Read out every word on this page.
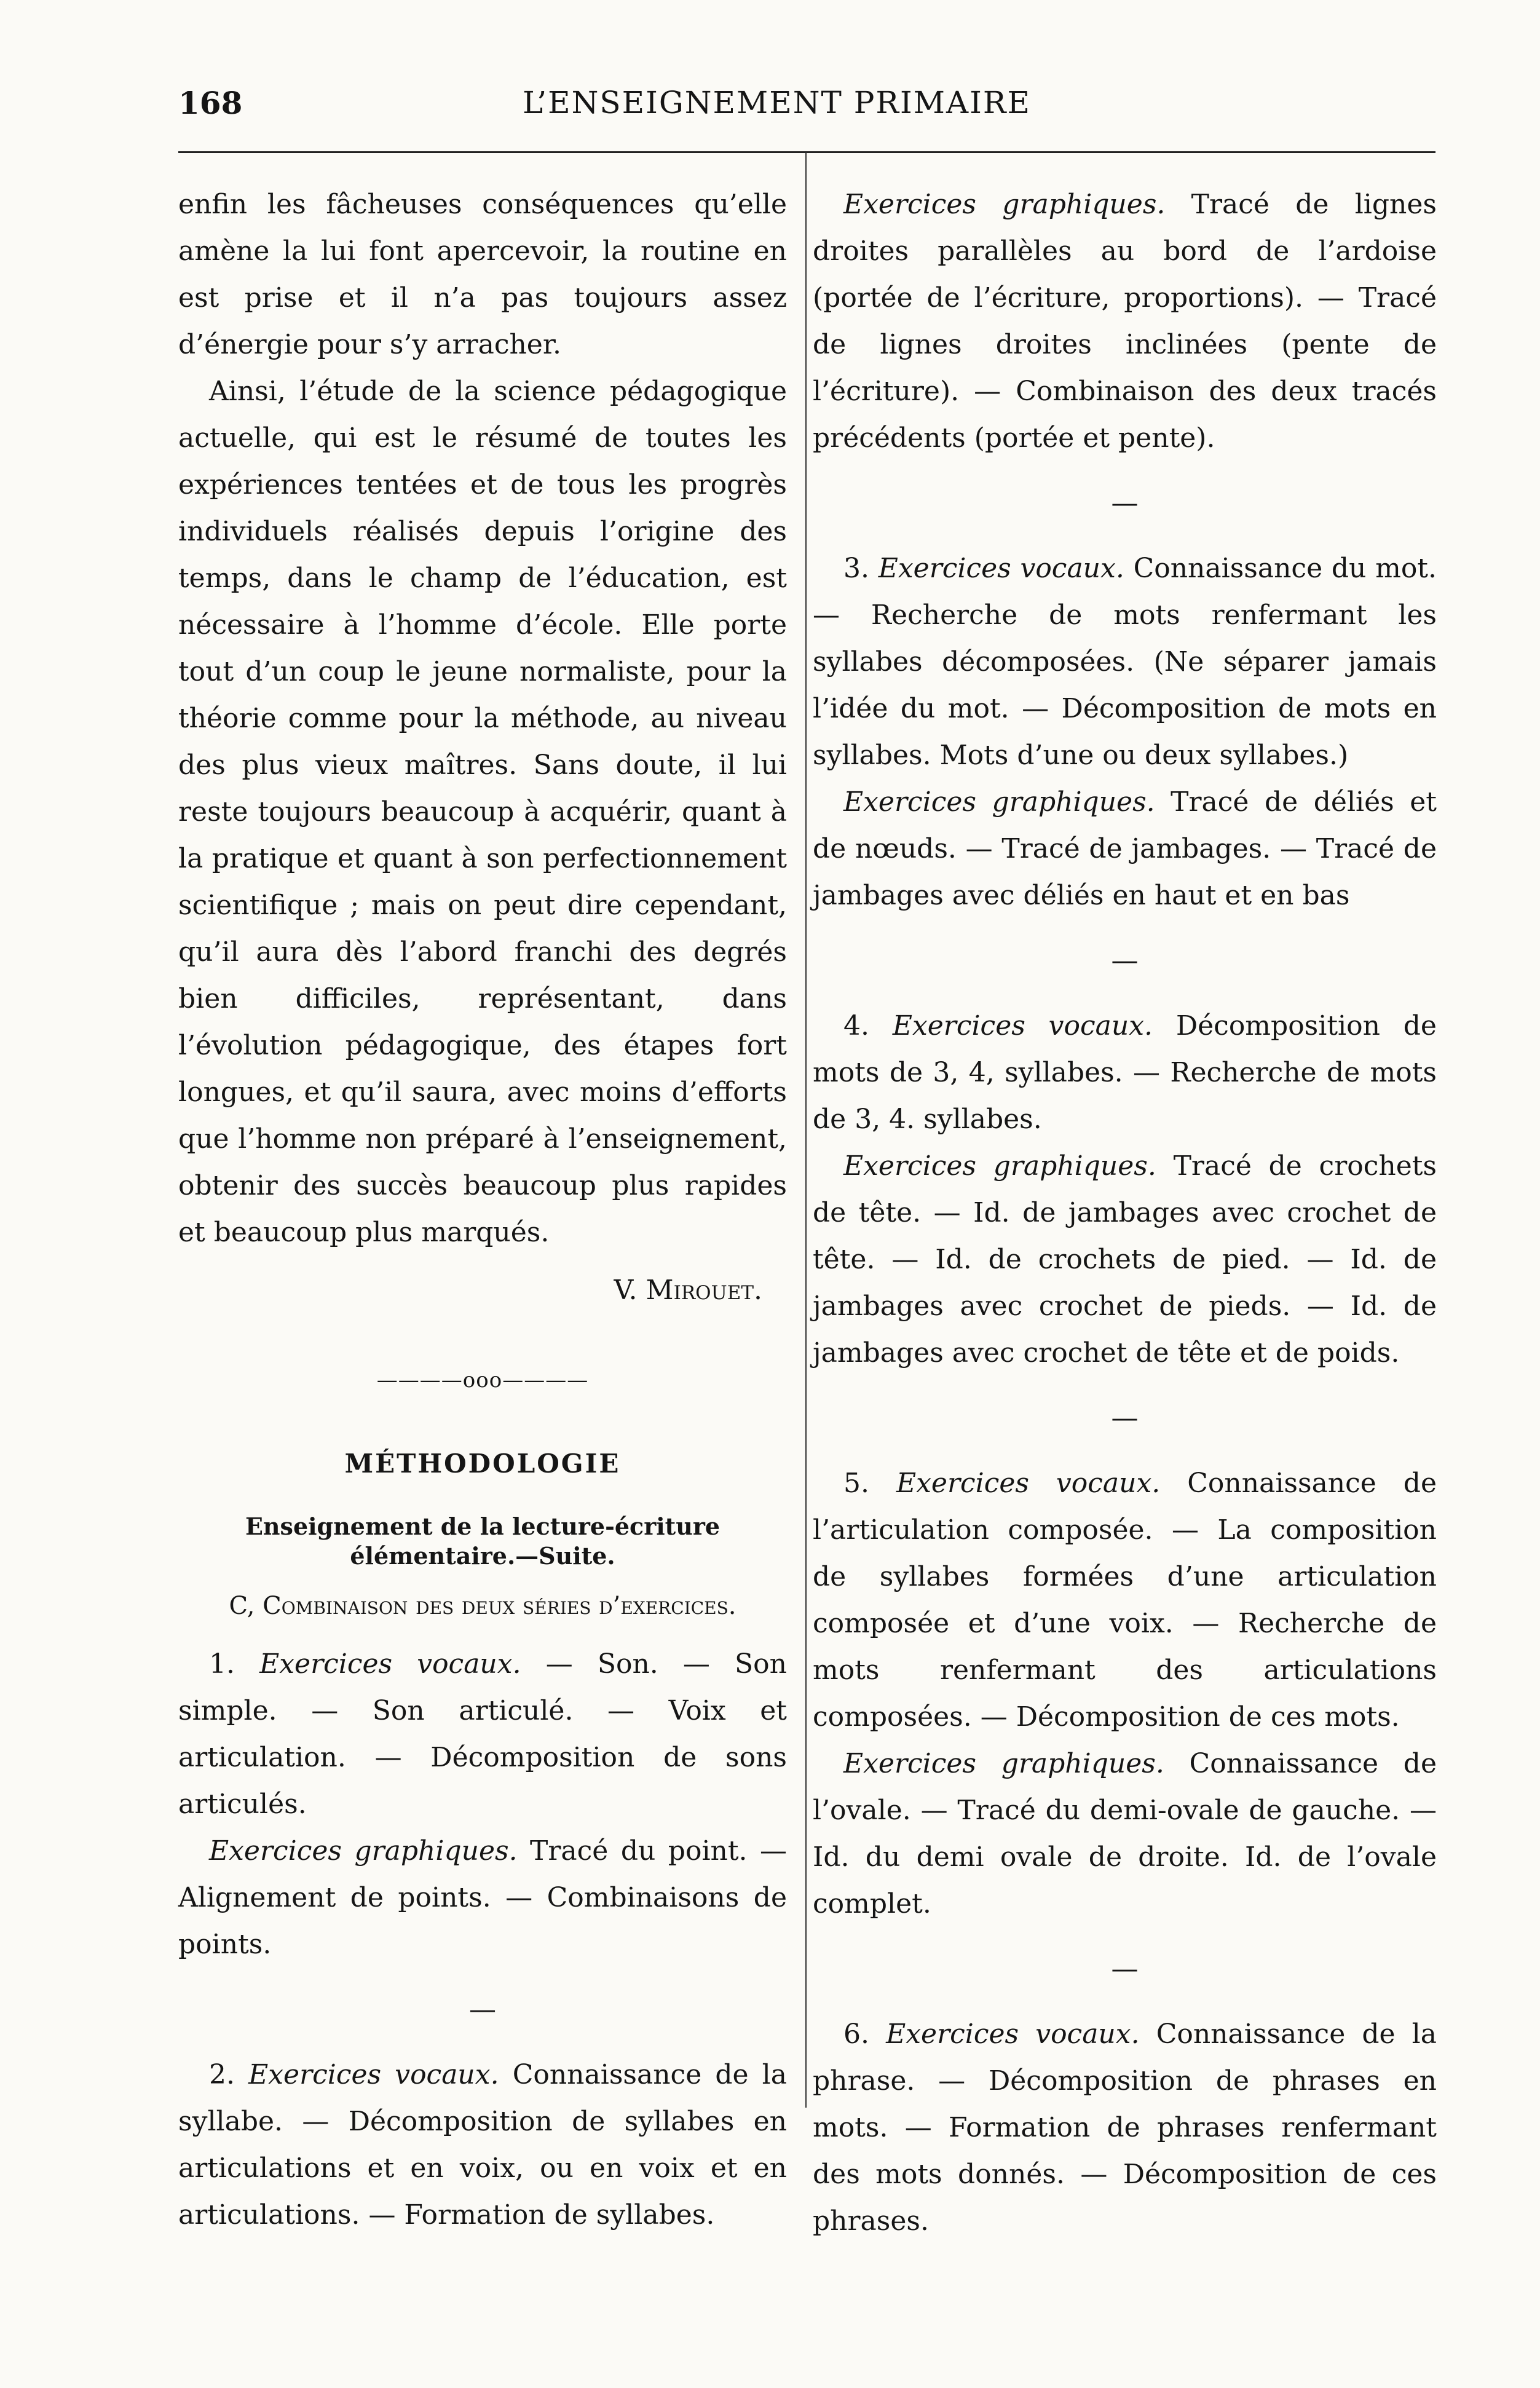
168	L’ENSEIGNEMENT PRIMAIRE

enfin les fâcheuses conséquences qu’elle amène la lui font apercevoir, la routine en est prise et il n’a pas toujours assez d’énergie pour s’y arracher.

Ainsi, l’étude de la science pédagogique actuelle, qui est le résumé de toutes les expériences tentées et de tous les progrès individuels réalisés depuis l’origine des temps, dans le champ de l’éducation, est nécessaire à l’homme d’école. Elle porte tout d’un coup le jeune normaliste, pour la théorie comme pour la méthode, au niveau des plus vieux maîtres. Sans doute, il lui reste toujours beaucoup à acquérir, quant à la pratique et quant à son perfectionnement scientifique ; mais on peut dire cependant, qu’il aura dès l’abord franchi des degrés bien difficiles, représentant, dans l’évolution pédagogique, des étapes fort longues, et qu’il saura, avec moins d’efforts que l’homme non préparé à l’enseignement, obtenir des succès beaucoup plus rapides et beaucoup plus marqués.

V. Mirouet.

————ooo————

MÉTHODOLOGIE

Enseignement de la lecture-écriture élémentaire.—Suite.

C, Combinaison des deux séries d’exercices.

1. Exercices vocaux. — Son. — Son simple. — Son articulé. — Voix et articulation. — Décomposition de sons articulés.

Exercices graphiques. Tracé du point. — Alignement de points. — Combinaisons de points.

—

2. Exercices vocaux. Connaissance de la syllabe. — Décomposition de syllabes en articulations et en voix, ou en voix et en articulations. — Formation de syllabes.

Exercices graphiques. Tracé de lignes droites parallèles au bord de l’ardoise (portée de l’écriture, proportions). — Tracé de lignes droites inclinées (pente de l’écriture). — Combinaison des deux tracés précédents (portée et pente).

—

3. Exercices vocaux. Connaissance du mot. — Recherche de mots renfermant les syllabes décomposées. (Ne séparer jamais l’idée du mot. — Décomposition de mots en syllabes. Mots d’une ou deux syllabes.)

Exercices graphiques. Tracé de déliés et de nœuds. — Tracé de jambages. — Tracé de jambages avec déliés en haut et en bas

—

4. Exercices vocaux. Décomposition de mots de 3, 4, syllabes. — Recherche de mots de 3, 4. syllabes.

Exercices graphiques. Tracé de crochets de tête. — Id. de jambages avec crochet de tête. — Id. de crochets de pied. — Id. de jambages avec crochet de pieds. — Id. de jambages avec crochet de tête et de poids.

—

5. Exercices vocaux. Connaissance de l’articulation composée. — La composition de syllabes formées d’une articulation composée et d’une voix. — Recherche de mots renfermant des articulations composées. — Décomposition de ces mots.

Exercices graphiques. Connaissance de l’ovale. — Tracé du demi-ovale de gauche. — Id. du demi ovale de droite. Id. de l’ovale complet.

—

6. Exercices vocaux. Connaissance de la phrase. — Décomposition de phrases en mots. — Formation de phrases renfermant des mots donnés. — Décomposition de ces phrases.
